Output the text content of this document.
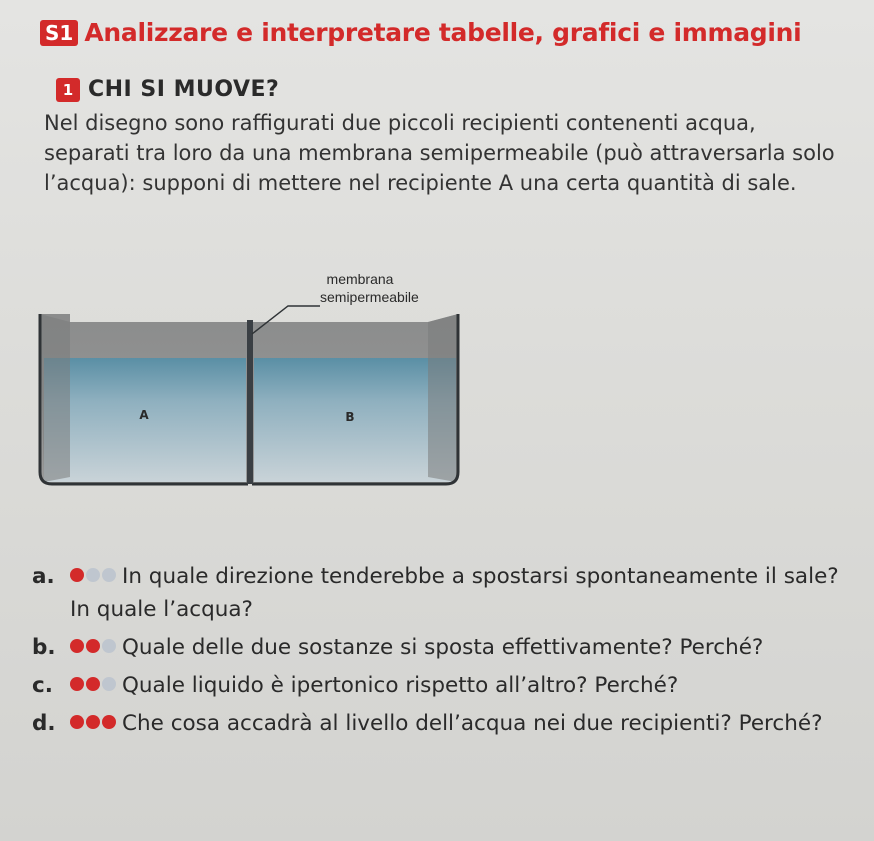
S1 Analizzare e interpretare tabelle, grafici e immagini
1 CHI SI MUOVE?
Nel disegno sono raffigurati due piccoli recipienti contenenti acqua, separati tra loro da una membrana semipermeabile (può attraversarla solo l’acqua): supponi di mettere nel recipiente A una certa quantità di sale.
membrana
semipermeabile
A	B
a.	In quale direzione tenderebbe a spostarsi spontaneamente il sale? In quale l’acqua?
b.	Quale delle due sostanze si sposta effettivamente? Perché?
c.	Quale liquido è ipertonico rispetto all’altro? Perché?
d.	Che cosa accadrà al livello dell’acqua nei due recipienti? Perché?
